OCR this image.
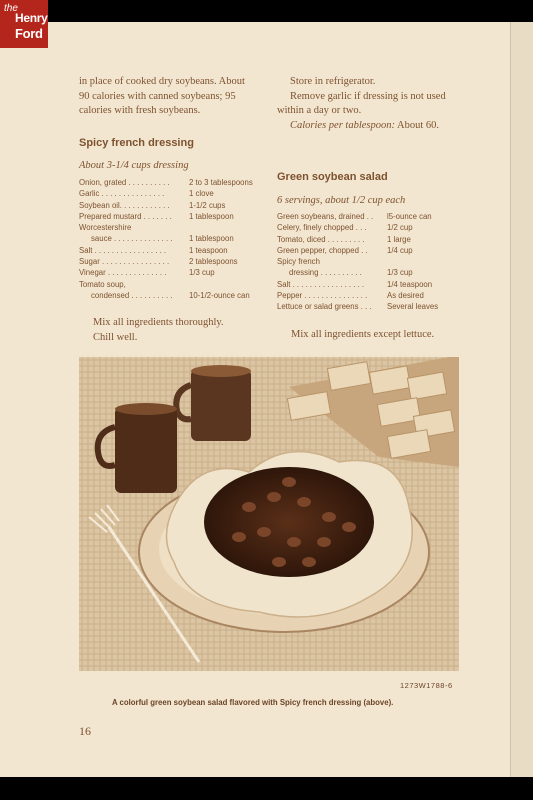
the
Henry
Ford
in place of cooked dry soybeans. About
90 calories with canned soybeans; 95
calories with fresh soybeans.
Spicy french dressing
About 3-1/4 cups dressing
Onion, grated . . . . . . . . . . 2 to 3 tablespoons
Garlic . . . . . . . . . . . . . . .	1 clove
Soybean oil. . . . . . . . . . . . 1-1/2 cups
Prepared mustard . . . . . . . 1 tablespoon
Worcestershire
sauce . . . . . . . . . . . . . . 1 tablespoon
Salt . . . . . . . . . . . . . . . . .	1 teaspoon
Sugar . . . . . . . . . . . . . . . .	2 tablespoons
Vinegar . . . . . . . . . . . . . .	1/3 cup
Tomato soup,
condensed . . . . . . . . . . 10-1/2-ounce can
Mix all ingredients thoroughly.
Chill well.
Store in refrigerator.
Remove garlic if dressing is not used
within a day or two.
Calories per tablespoon: About 60.
Green soybean salad
6 servings, about 1/2 cup each
Green soybeans, drained . . l5-ounce can
Celery, finely chopped . . .	1/2 cup
Tomato, diced . . . . . . . . .	1 large
Green pepper, chopped . . 1/4 cup
Spicy french
dressing . . . . . . . . . .	1/3 cup
Salt . . . . . . . . . . . . . . . . .	1/4 teaspoon
Pepper . . . . . . . . . . . . . . .	As desired
Lettuce or salad greens . . . Several leaves
Mix all ingredients except lettuce.
1273W1788-6
A colorful green soybean salad flavored with Spicy french dressing (above).
16
